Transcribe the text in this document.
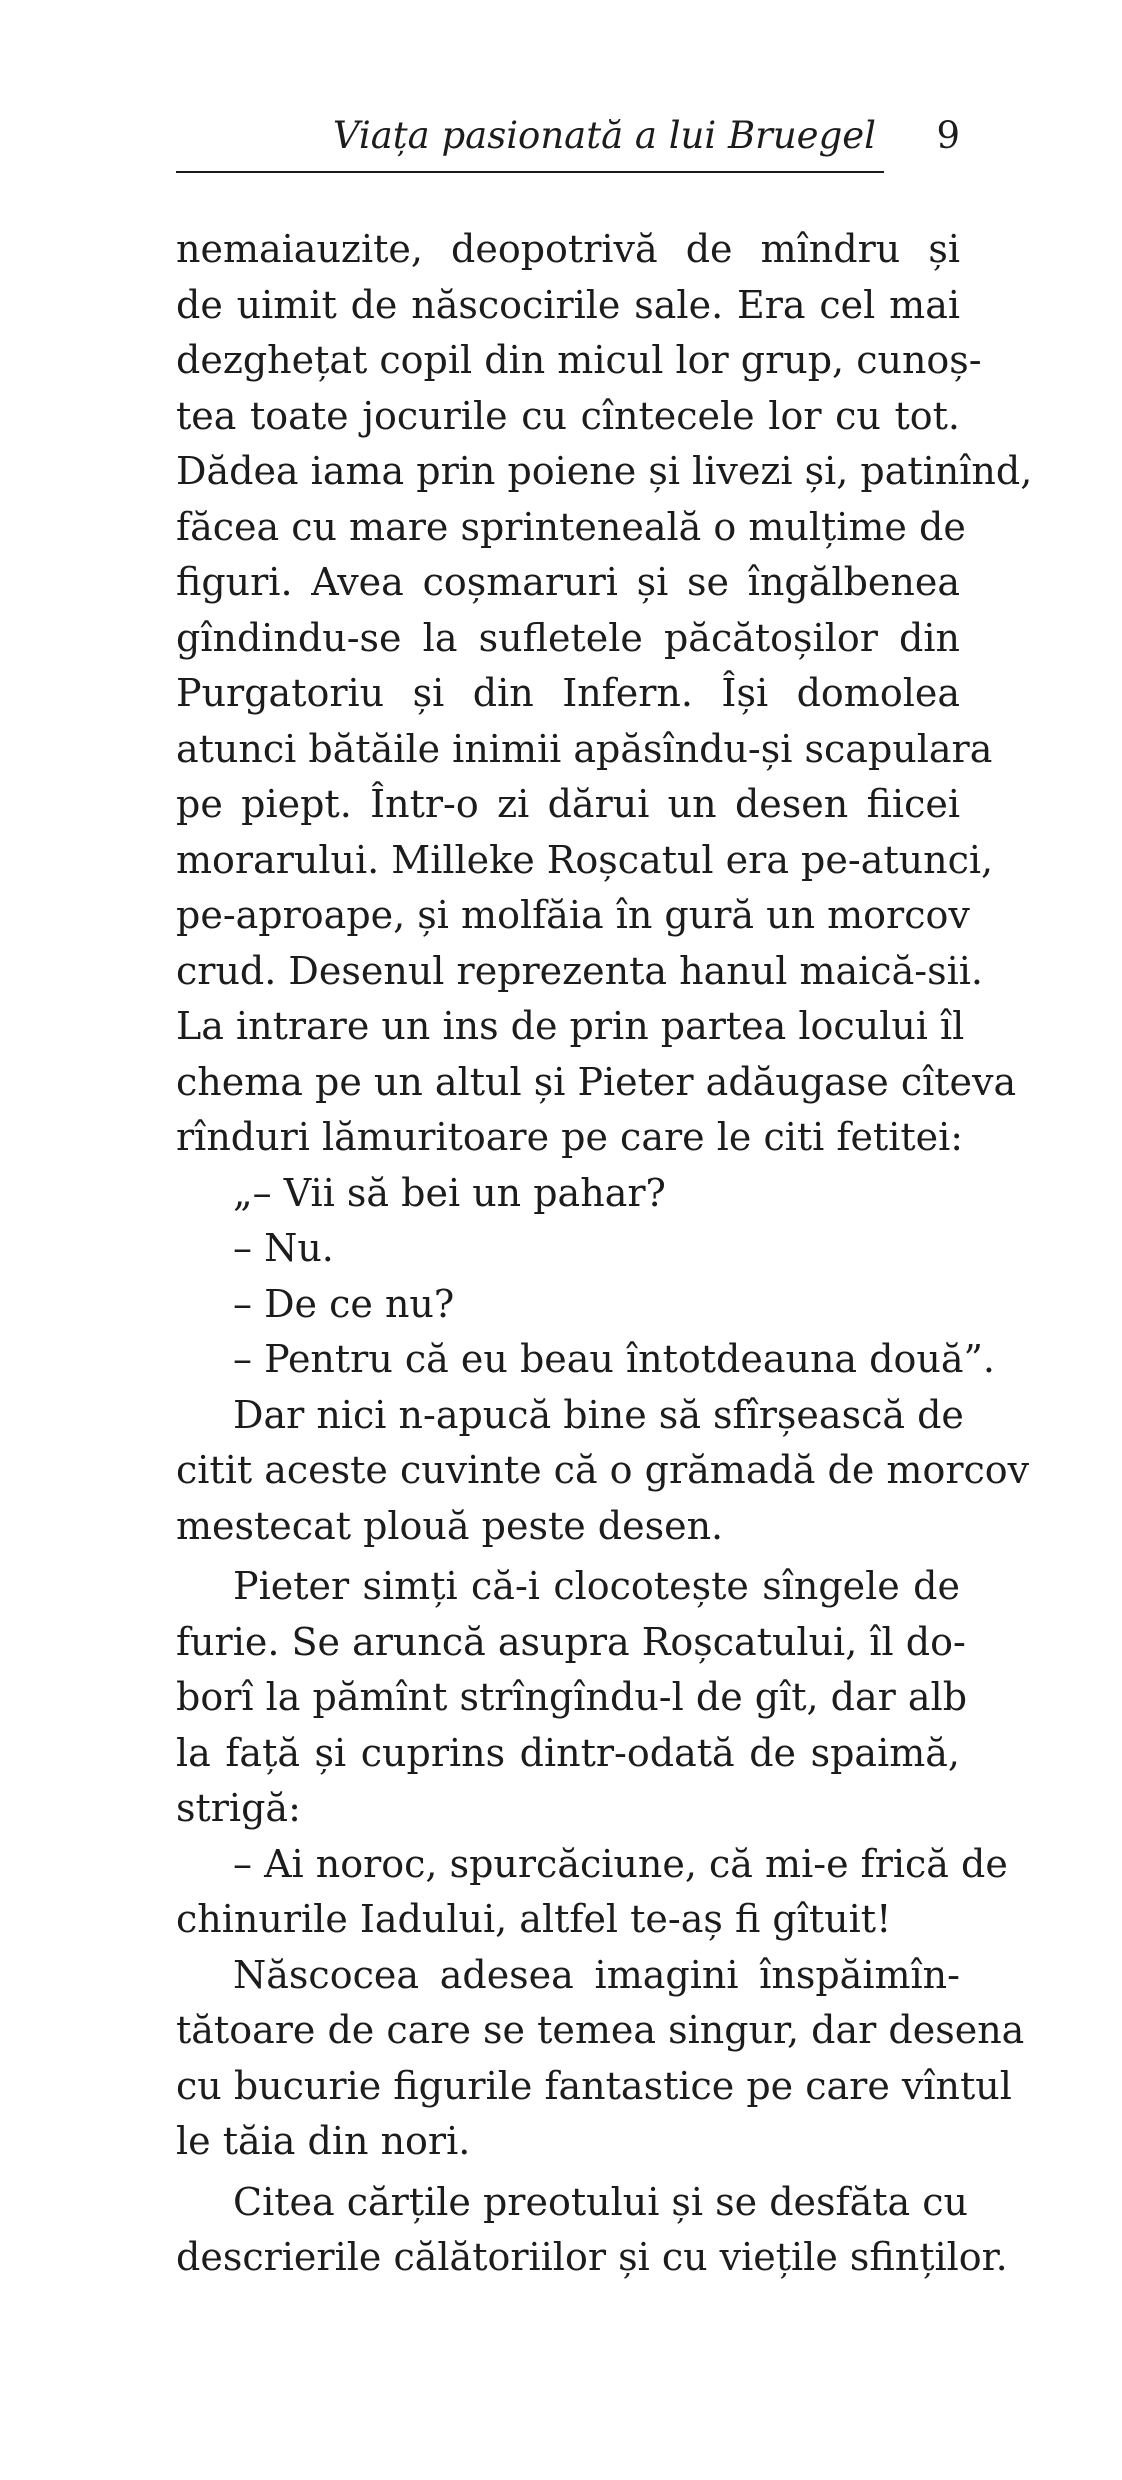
Viața pasionată a lui Bruegel 9
nemaiauzite, deopotrivă de mîndru și
de uimit de născocirile sale. Era cel mai
dezghețat copil din micul lor grup, cunoș-
tea toate jocurile cu cîntecele lor cu tot.
Dădea iama prin poiene și livezi și, patinînd,
făcea cu mare sprinteneală o mulțime de
figuri. Avea coșmaruri și se îngălbenea
gîndindu-se la sufletele păcătoșilor din
Purgatoriu și din Infern. Își domolea
atunci bătăile inimii apăsîndu-și scapulara
pe piept. Într-o zi dărui un desen fiicei
morarului. Milleke Roșcatul era pe-atunci,
pe-aproape, și molfăia în gură un morcov
crud. Desenul reprezenta hanul maică-sii.
La intrare un ins de prin partea locului îl
chema pe un altul și Pieter adăugase cîteva
rînduri lămuritoare pe care le citi fetitei:
„– Vii să bei un pahar?
– Nu.
– De ce nu?
– Pentru că eu beau întotdeauna două”.
Dar nici n-apucă bine să sfîrșească de
citit aceste cuvinte că o grămadă de morcov
mestecat plouă peste desen.
Pieter simți că-i clocotește sîngele de
furie. Se aruncă asupra Roșcatului, îl do-
borî la pămînt strîngîndu-l de gît, dar alb
la față și cuprins dintr-odată de spaimă,
strigă:
– Ai noroc, spurcăciune, că mi-e frică de
chinurile Iadului, altfel te-aș fi gîtuit!
Născocea adesea imagini înspăimîn-
tătoare de care se temea singur, dar desena
cu bucurie figurile fantastice pe care vîntul
le tăia din nori.
Citea cărțile preotului și se desfăta cu
descrierile călătoriilor și cu viețile sfinților.
